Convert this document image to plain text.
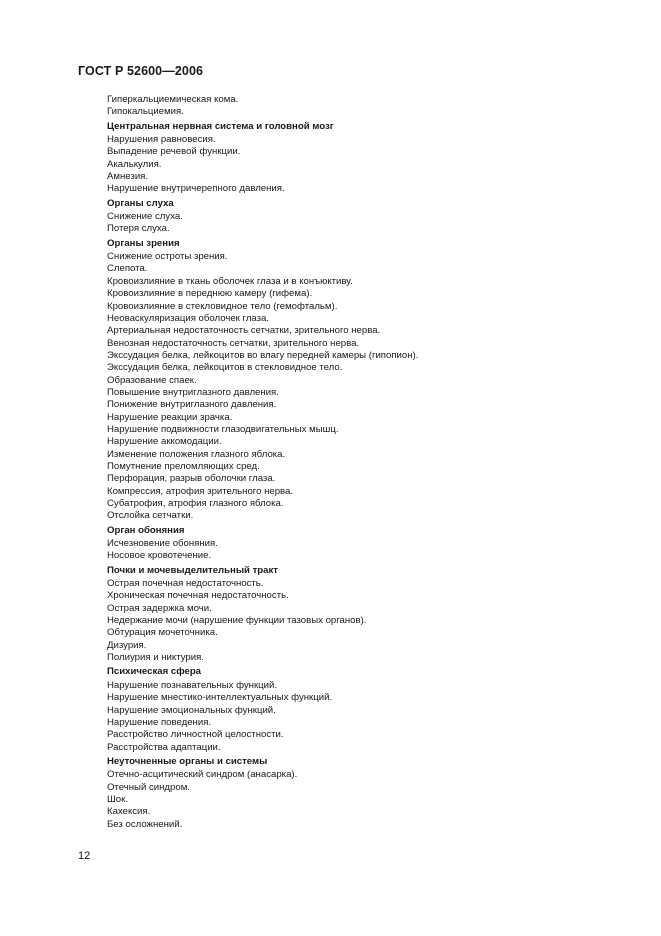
ГОСТ Р 52600—2006
Гиперкальциемическая кома.
Гипокальциемия.
Центральная нервная система и головной мозг
Нарушения равновесия.
Выпадение речевой функции.
Акалькулия.
Амнезия.
Нарушение внутричерепного давления.
Органы слуха
Снижение слуха.
Потеря слуха.
Органы зрения
Снижение остроты зрения.
Слепота.
Кровоизлияние в ткань оболочек глаза и в конъюктиву.
Кровоизлияние в переднюю камеру (гифема).
Кровоизлияние в стекловидное тело (гемофтальм).
Неоваскуляризация оболочек глаза.
Артериальная недостаточность сетчатки, зрительного нерва.
Венозная недостаточность сетчатки, зрительного нерва.
Экссудация белка, лейкоцитов во влагу передней камеры (гипопион).
Экссудация белка, лейкоцитов в стекловидное тело.
Образование спаек.
Повышение внутриглазного давления.
Понижение внутриглазного давления.
Нарушение реакции зрачка.
Нарушение подвижности глазодвигательных мышц.
Нарушение аккомодации.
Изменение положения глазного яблока.
Помутнение преломляющих сред.
Перфорация, разрыв оболочки глаза.
Компрессия, атрофия зрительного нерва.
Субатрофия, атрофия глазного яблока.
Отслойка сетчатки.
Орган обоняния
Исчезновение обоняния.
Носовое кровотечение.
Почки и мочевыделительный тракт
Острая почечная недостаточность.
Хроническая почечная недостаточность.
Острая задержка мочи.
Недержание мочи (нарушение функции тазовых органов).
Обтурация мочеточника.
Дизурия.
Полиурия и никтурия.
Психическая сфера
Нарушение познавательных функций.
Нарушение мнестико-интеллектуальных функций.
Нарушение эмоциональных функций.
Нарушение поведения.
Расстройство личностной целостности.
Расстройства адаптации.
Неуточненные органы и системы
Отечно-асцитический синдром (анасарка).
Отечный синдром.
Шок.
Кахексия.
Без осложнений.
12
